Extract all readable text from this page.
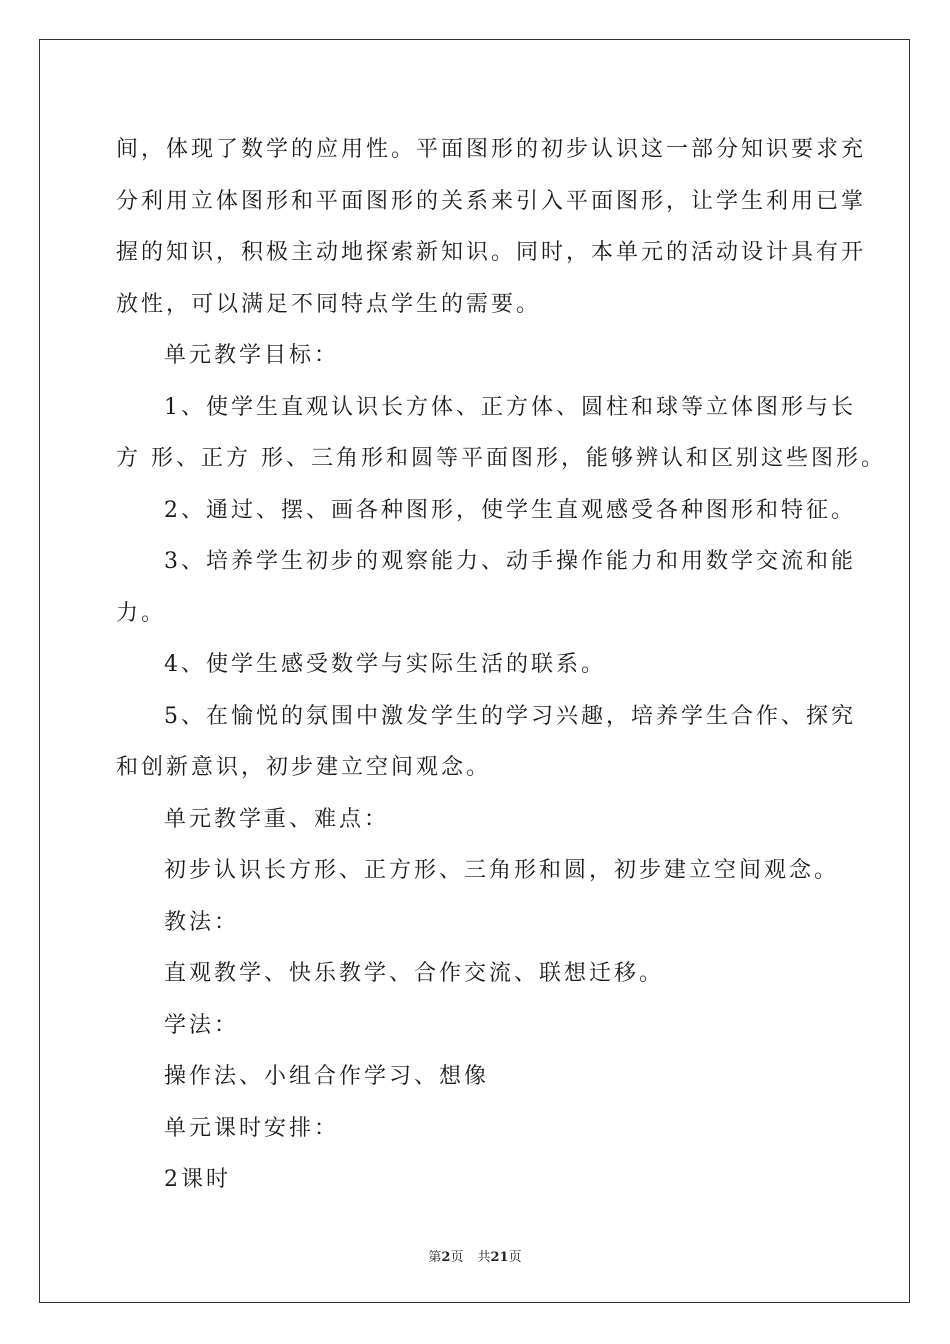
间，体现了数学的应用性。平面图形的初步认识这一部分知识要求充

分利用立体图形和平面图形的关系来引入平面图形，让学生利用已掌

握的知识，积极主动地探索新知识。同时，本单元的活动设计具有开

放性，可以满足不同特点学生的需要。

单元教学目标：

1、使学生直观认识长方体、正方体、圆柱和球等立体图形与长

方 形、正方 形、三角形和圆等平面图形，能够辨认和区别这些图形。

2、通过、摆、画各种图形，使学生直观感受各种图形和特征。

3、培养学生初步的观察能力、动手操作能力和用数学交流和能

力。

4、使学生感受数学与实际生活的联系。

5、在愉悦的氛围中激发学生的学习兴趣，培养学生合作、探究

和创新意识，初步建立空间观念。

单元教学重、难点：

初步认识长方形、正方形、三角形和圆，初步建立空间观念。

教法：

直观教学、快乐教学、合作交流、联想迁移。

学法：

操作法、小组合作学习、想像

单元课时安排：

2课时

第2页 共21页
